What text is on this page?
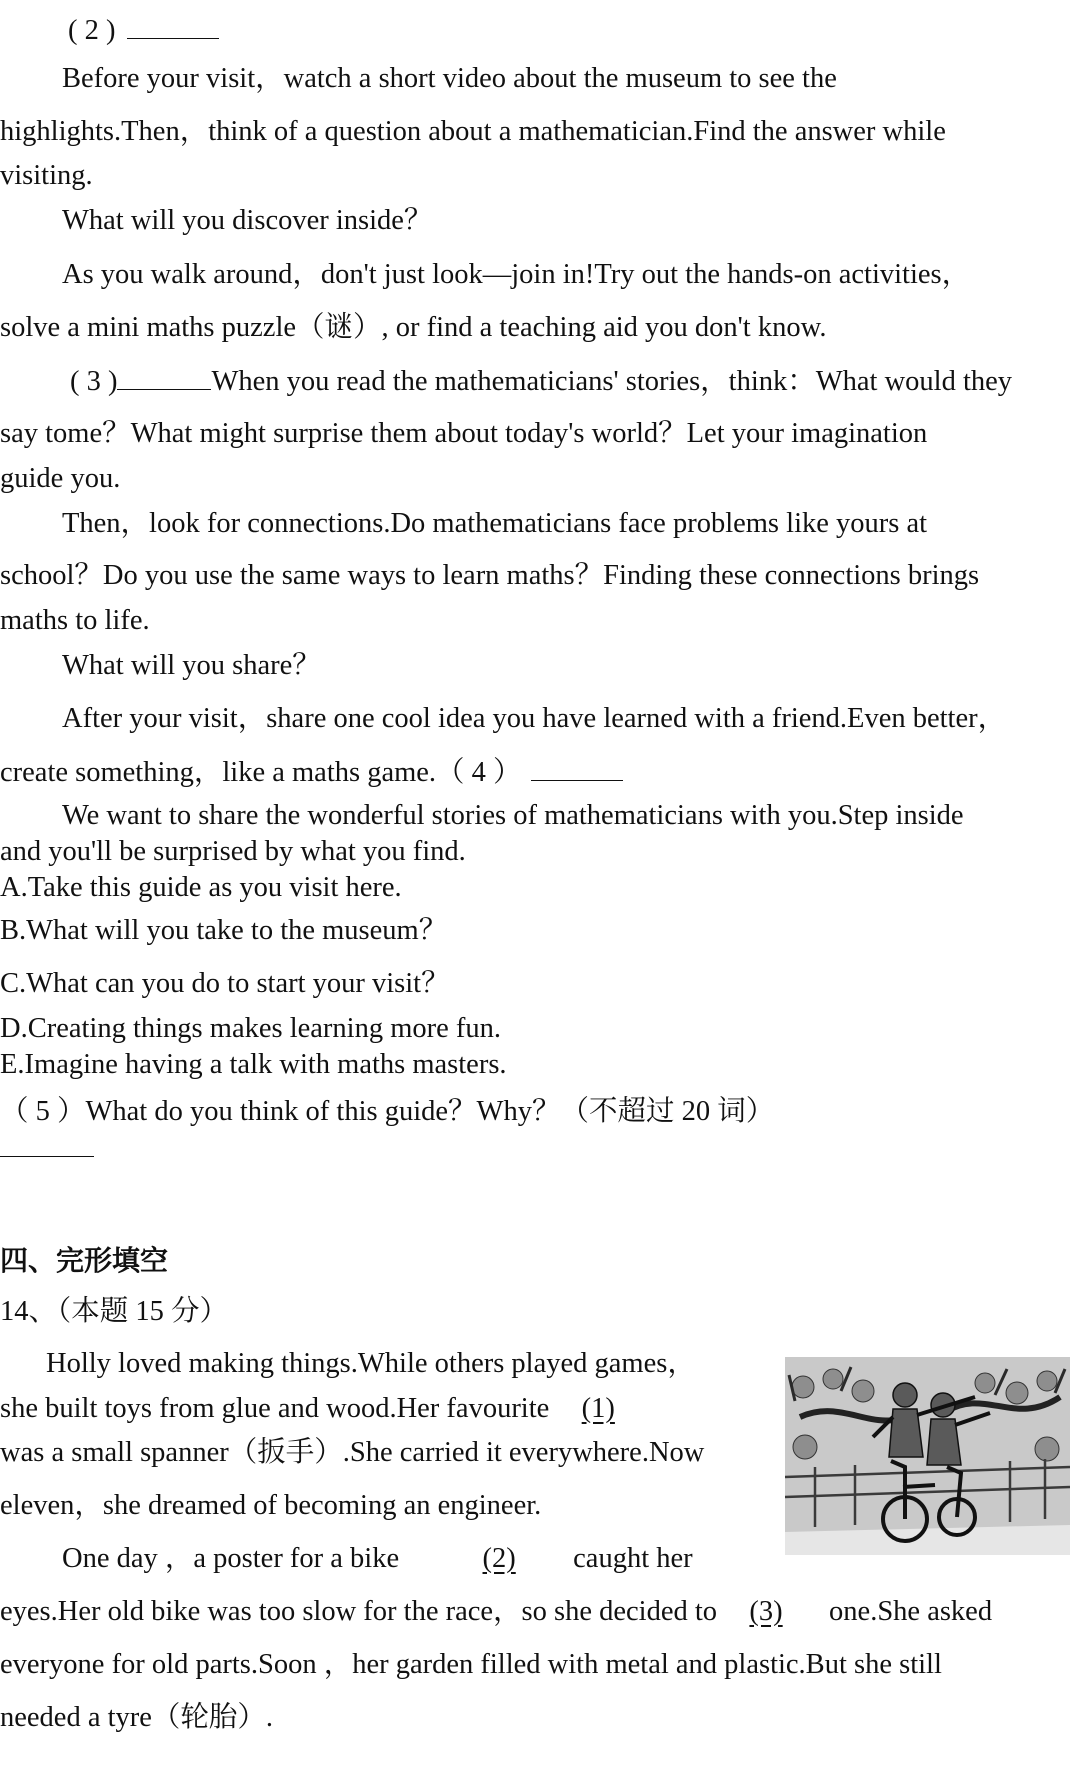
( 2 )
Before your visit，watch a short video about the museum to see the
highlights.Then，think of a question about a mathematician.Find the answer while
visiting.
What will you discover inside？
As you walk around，don't just look—join in!Try out the hands-on activities，
solve a mini maths puzzle（谜）, or find a teaching aid you don't know.
( 3 )	When you read the mathematicians' stories，think：What would they
say tome？What might surprise them about today's world？Let your imagination
guide you.
Then，look for connections.Do mathematicians face problems like yours at
school？Do you use the same ways to learn maths？Finding these connections brings
maths to life.
What will you share？
After your visit，share one cool idea you have learned with a friend.Even better，
create something，like a maths game.（ 4 ）
We want to share the wonderful stories of mathematicians with you.Step inside
and you'll be surprised by what you find.
A.Take this guide as you visit here.
B.What will you take to the museum？
C.What can you do to start your visit？
D.Creating things makes learning more fun.
E.Imagine having a talk with maths masters.
（ 5 ）What do you think of this guide？Why？（不超过 20 词）
四、完形填空
14、（本题 15 分）
Holly loved making things.While others played games，
she built toys from glue and wood.Her favourite (1)
was a small spanner（扳手）.She carried it everywhere.Now
eleven，she dreamed of becoming an engineer.
One day ，a poster for a bike	(2) caught her
eyes.Her old bike was too slow for the race，so she decided to (3) one.She asked
everyone for old parts.Soon ，her garden filled with metal and plastic.But she still
needed a tyre（轮胎）.
